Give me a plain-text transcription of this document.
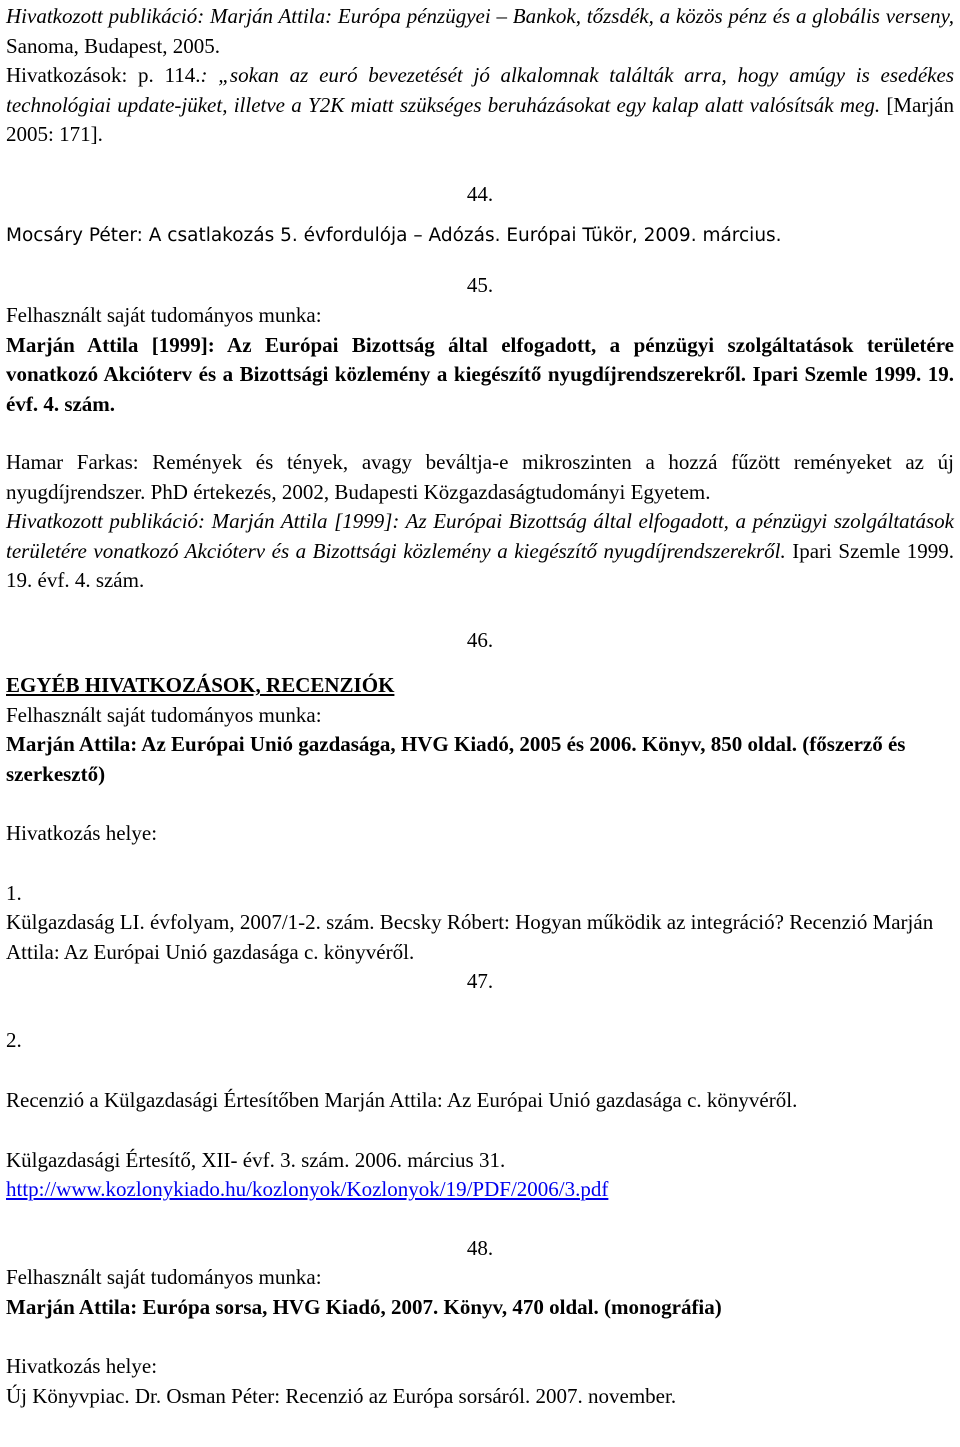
Hivatkozott publikáció: Marján Attila: Európa pénzügyei – Bankok, tőzsdék, a közös pénz és a globális verseny, Sanoma, Budapest, 2005.

Hivatkozások: p. 114.: „sokan az euró bevezetését jó alkalomnak találták arra, hogy amúgy is esedékes technológiai update-jüket, illetve a Y2K miatt szükséges beruházásokat egy kalap alatt valósítsák meg. [Marján 2005: 171].

44.

Mocsáry Péter: A csatlakozás 5. évfordulója – Adózás. Európai Tükör, 2009. március.

45.

Felhasznált saját tudományos munka:

Marján Attila [1999]: Az Európai Bizottság által elfogadott, a pénzügyi szolgáltatások területére vonatkozó Akcióterv és a Bizottsági közlemény a kiegészítő nyugdíjrendszerekről. Ipari Szemle 1999. 19. évf. 4. szám.

Hamar Farkas: Remények és tények, avagy beváltja-e mikroszinten a hozzá fűzött reményeket az új nyugdíjrendszer. PhD értekezés, 2002, Budapesti Közgazdaságtudományi Egyetem.

Hivatkozott publikáció: Marján Attila [1999]: Az Európai Bizottság által elfogadott, a pénzügyi szolgáltatások területére vonatkozó Akcióterv és a Bizottsági közlemény a kiegészítő nyugdíjrendszerekről. Ipari Szemle 1999. 19. évf. 4. szám.

46.

EGYÉB HIVATKOZÁSOK, RECENZIÓK

Felhasznált saját tudományos munka:

Marján Attila: Az Európai Unió gazdasága, HVG Kiadó, 2005 és 2006. Könyv, 850 oldal. (főszerző és szerkesztő)

Hivatkozás helye:

1.

Külgazdaság LI. évfolyam, 2007/1-2. szám. Becsky Róbert: Hogyan működik az integráció? Recenzió Marján Attila: Az Európai Unió gazdasága c. könyvéről.

47.

2.

Recenzió a Külgazdasági Értesítőben Marján Attila: Az Európai Unió gazdasága c. könyvéről.

Külgazdasági Értesítő, XII- évf. 3. szám. 2006. március 31.

http://www.kozlonykiado.hu/kozlonyok/Kozlonyok/19/PDF/2006/3.pdf

48.

Felhasznált saját tudományos munka:

Marján Attila: Európa sorsa, HVG Kiadó, 2007. Könyv, 470 oldal. (monográfia)

Hivatkozás helye:

Új Könyvpiac. Dr. Osman Péter: Recenzió az Európa sorsáról. 2007. november.
